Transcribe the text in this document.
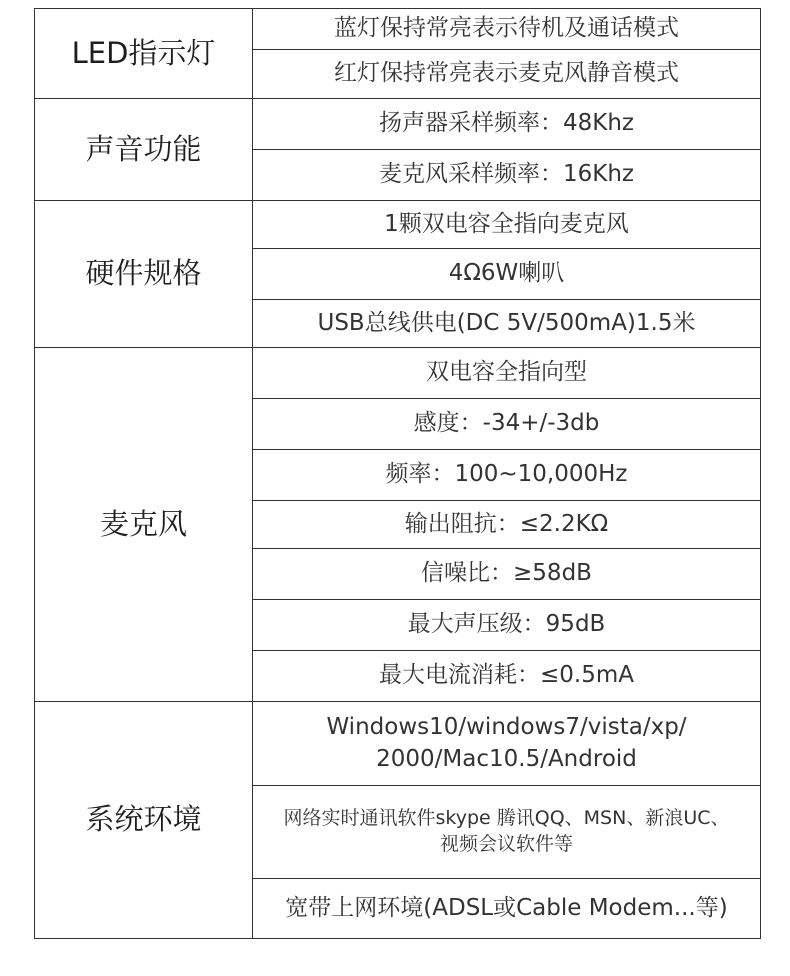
LED指示灯	蓝灯保持常亮表示待机及通话模式
	红灯保持常亮表示麦克风静音模式
声音功能	扬声器采样频率：48Khz
	麦克风采样频率：16Khz
硬件规格	1颗双电容全指向麦克风
	4Ω6W喇叭
	USB总线供电(DC 5V/500mA)1.5米
麦克风	双电容全指向型
	感度：-34+/-3db
	频率：100~10,000Hz
	输出阻抗：≤2.2KΩ
	信噪比：≥58dB
	最大声压级：95dB
	最大电流消耗：≤0.5mA
系统环境	Windows10/windows7/vista/xp/
2000/Mac10.5/Android

	网络实时通讯软件skype 腾讯QQ、MSN、新浪UC、
视频会议软件等

	宽带上网环境(ADSL或Cable Modem...等)
